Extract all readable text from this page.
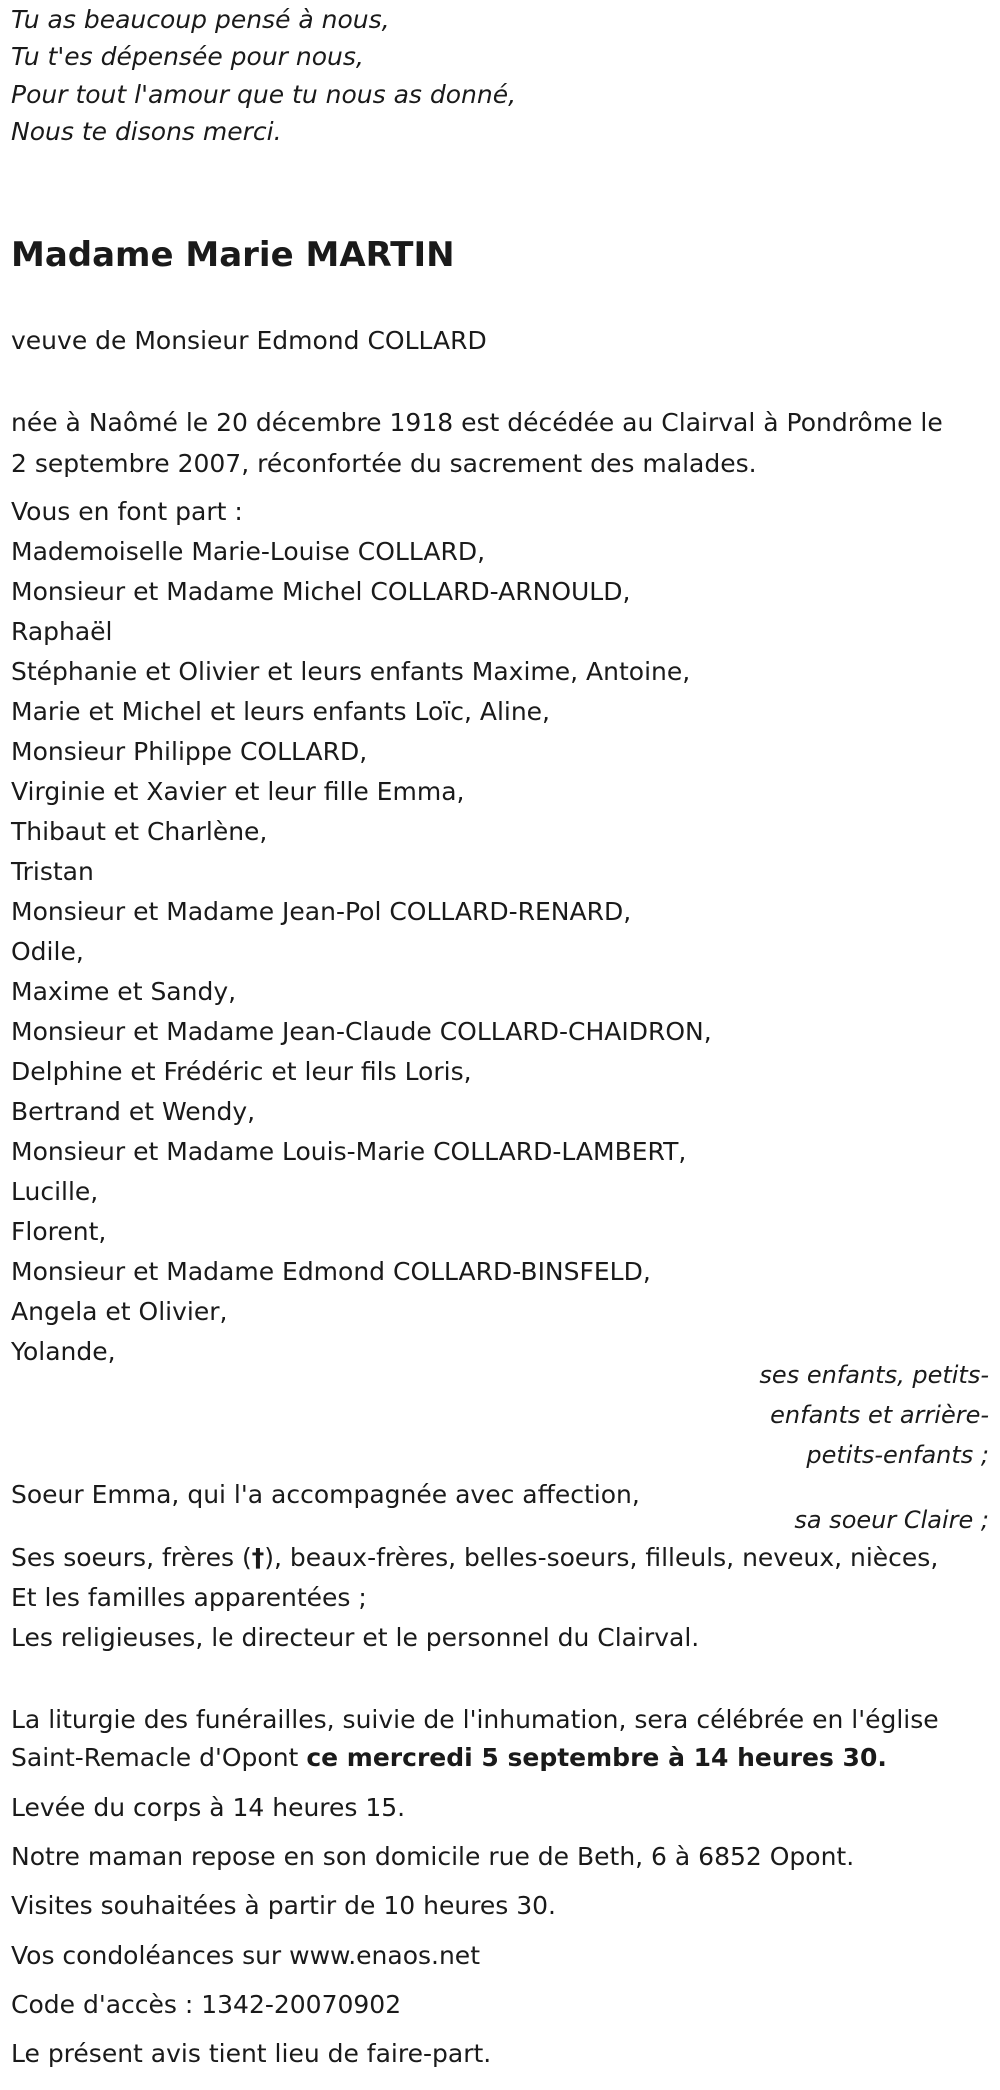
Tu as beaucoup pensé à nous,
Tu t'es dépensée pour nous,
Pour tout l'amour que tu nous as donné,
Nous te disons merci.
Madame Marie MARTIN
veuve de Monsieur Edmond COLLARD
née à Naômé le 20 décembre 1918 est décédée au Clairval à Pondrôme le
2 septembre 2007, réconfortée du sacrement des malades.
Vous en font part :
Mademoiselle Marie-Louise COLLARD,
Monsieur et Madame Michel COLLARD-ARNOULD,
Raphaël
Stéphanie et Olivier et leurs enfants Maxime, Antoine,
Marie et Michel et leurs enfants Loïc, Aline,
Monsieur Philippe COLLARD,
Virginie et Xavier et leur fille Emma,
Thibaut et Charlène,
Tristan
Monsieur et Madame Jean-Pol COLLARD-RENARD,
Odile,
Maxime et Sandy,
Monsieur et Madame Jean-Claude COLLARD-CHAIDRON,
Delphine et Frédéric et leur fils Loris,
Bertrand et Wendy,
Monsieur et Madame Louis-Marie COLLARD-LAMBERT,
Lucille,
Florent,
Monsieur et Madame Edmond COLLARD-BINSFELD,
Angela et Olivier,
Yolande,
ses enfants, petits-
enfants et arrière-
petits-enfants ;
Soeur Emma, qui l'a accompagnée avec affection,
sa soeur Claire ;
Ses soeurs, frères (†), beaux-frères, belles-soeurs, filleuls, neveux, nièces,
Et les familles apparentées ;
Les religieuses, le directeur et le personnel du Clairval.
La liturgie des funérailles, suivie de l'inhumation, sera célébrée en l'église
Saint-Remacle d'Opont ce mercredi 5 septembre à 14 heures 30.
Levée du corps à 14 heures 15.
Notre maman repose en son domicile rue de Beth, 6 à 6852 Opont.
Visites souhaitées à partir de 10 heures 30.
Vos condoléances sur www.enaos.net
Code d'accès : 1342-20070902
Le présent avis tient lieu de faire-part.
